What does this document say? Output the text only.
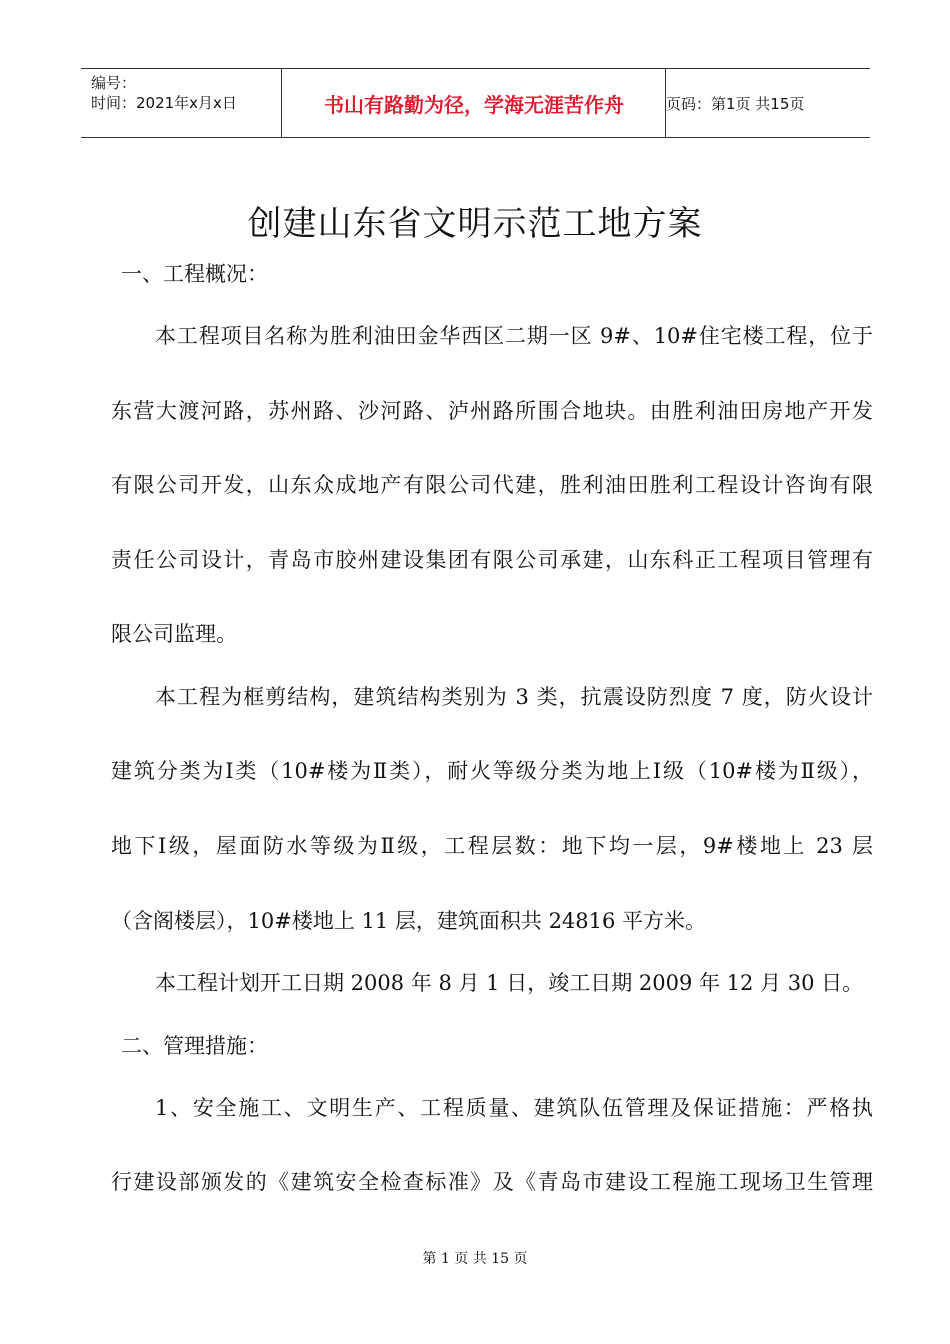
编号：
时间：2021年x月x日	书山有路勤为径，学海无涯苦作舟	页码：第1页 共15页
创建山东省文明示范工地方案
一、工程概况：
本工程项目名称为胜利油田金华西区二期一区 9#、10#住宅楼工程，位于
东营大渡河路，苏州路、沙河路、泸州路所围合地块。由胜利油田房地产开发
有限公司开发，山东众成地产有限公司代建，胜利油田胜利工程设计咨询有限
责任公司设计，青岛市胶州建设集团有限公司承建，山东科正工程项目管理有
限公司监理。
本工程为框剪结构，建筑结构类别为 3 类，抗震设防烈度 7 度，防火设计
建筑分类为Ⅰ类（10#楼为Ⅱ类），耐火等级分类为地上Ⅰ级（10#楼为Ⅱ级），
地下Ⅰ级，屋面防水等级为Ⅱ级，工程层数：地下均一层，9#楼地上 23 层
（含阁楼层），10#楼地上 11 层，建筑面积共 24816 平方米。
本工程计划开工日期 2008 年 8 月 1 日，竣工日期 2009 年 12 月 30 日。
二、管理措施：
1、安全施工、文明生产、工程质量、建筑队伍管理及保证措施：严格执
行建设部颁发的《建筑安全检查标准》及《青岛市建设工程施工现场卫生管理
第 1 页 共 15 页
